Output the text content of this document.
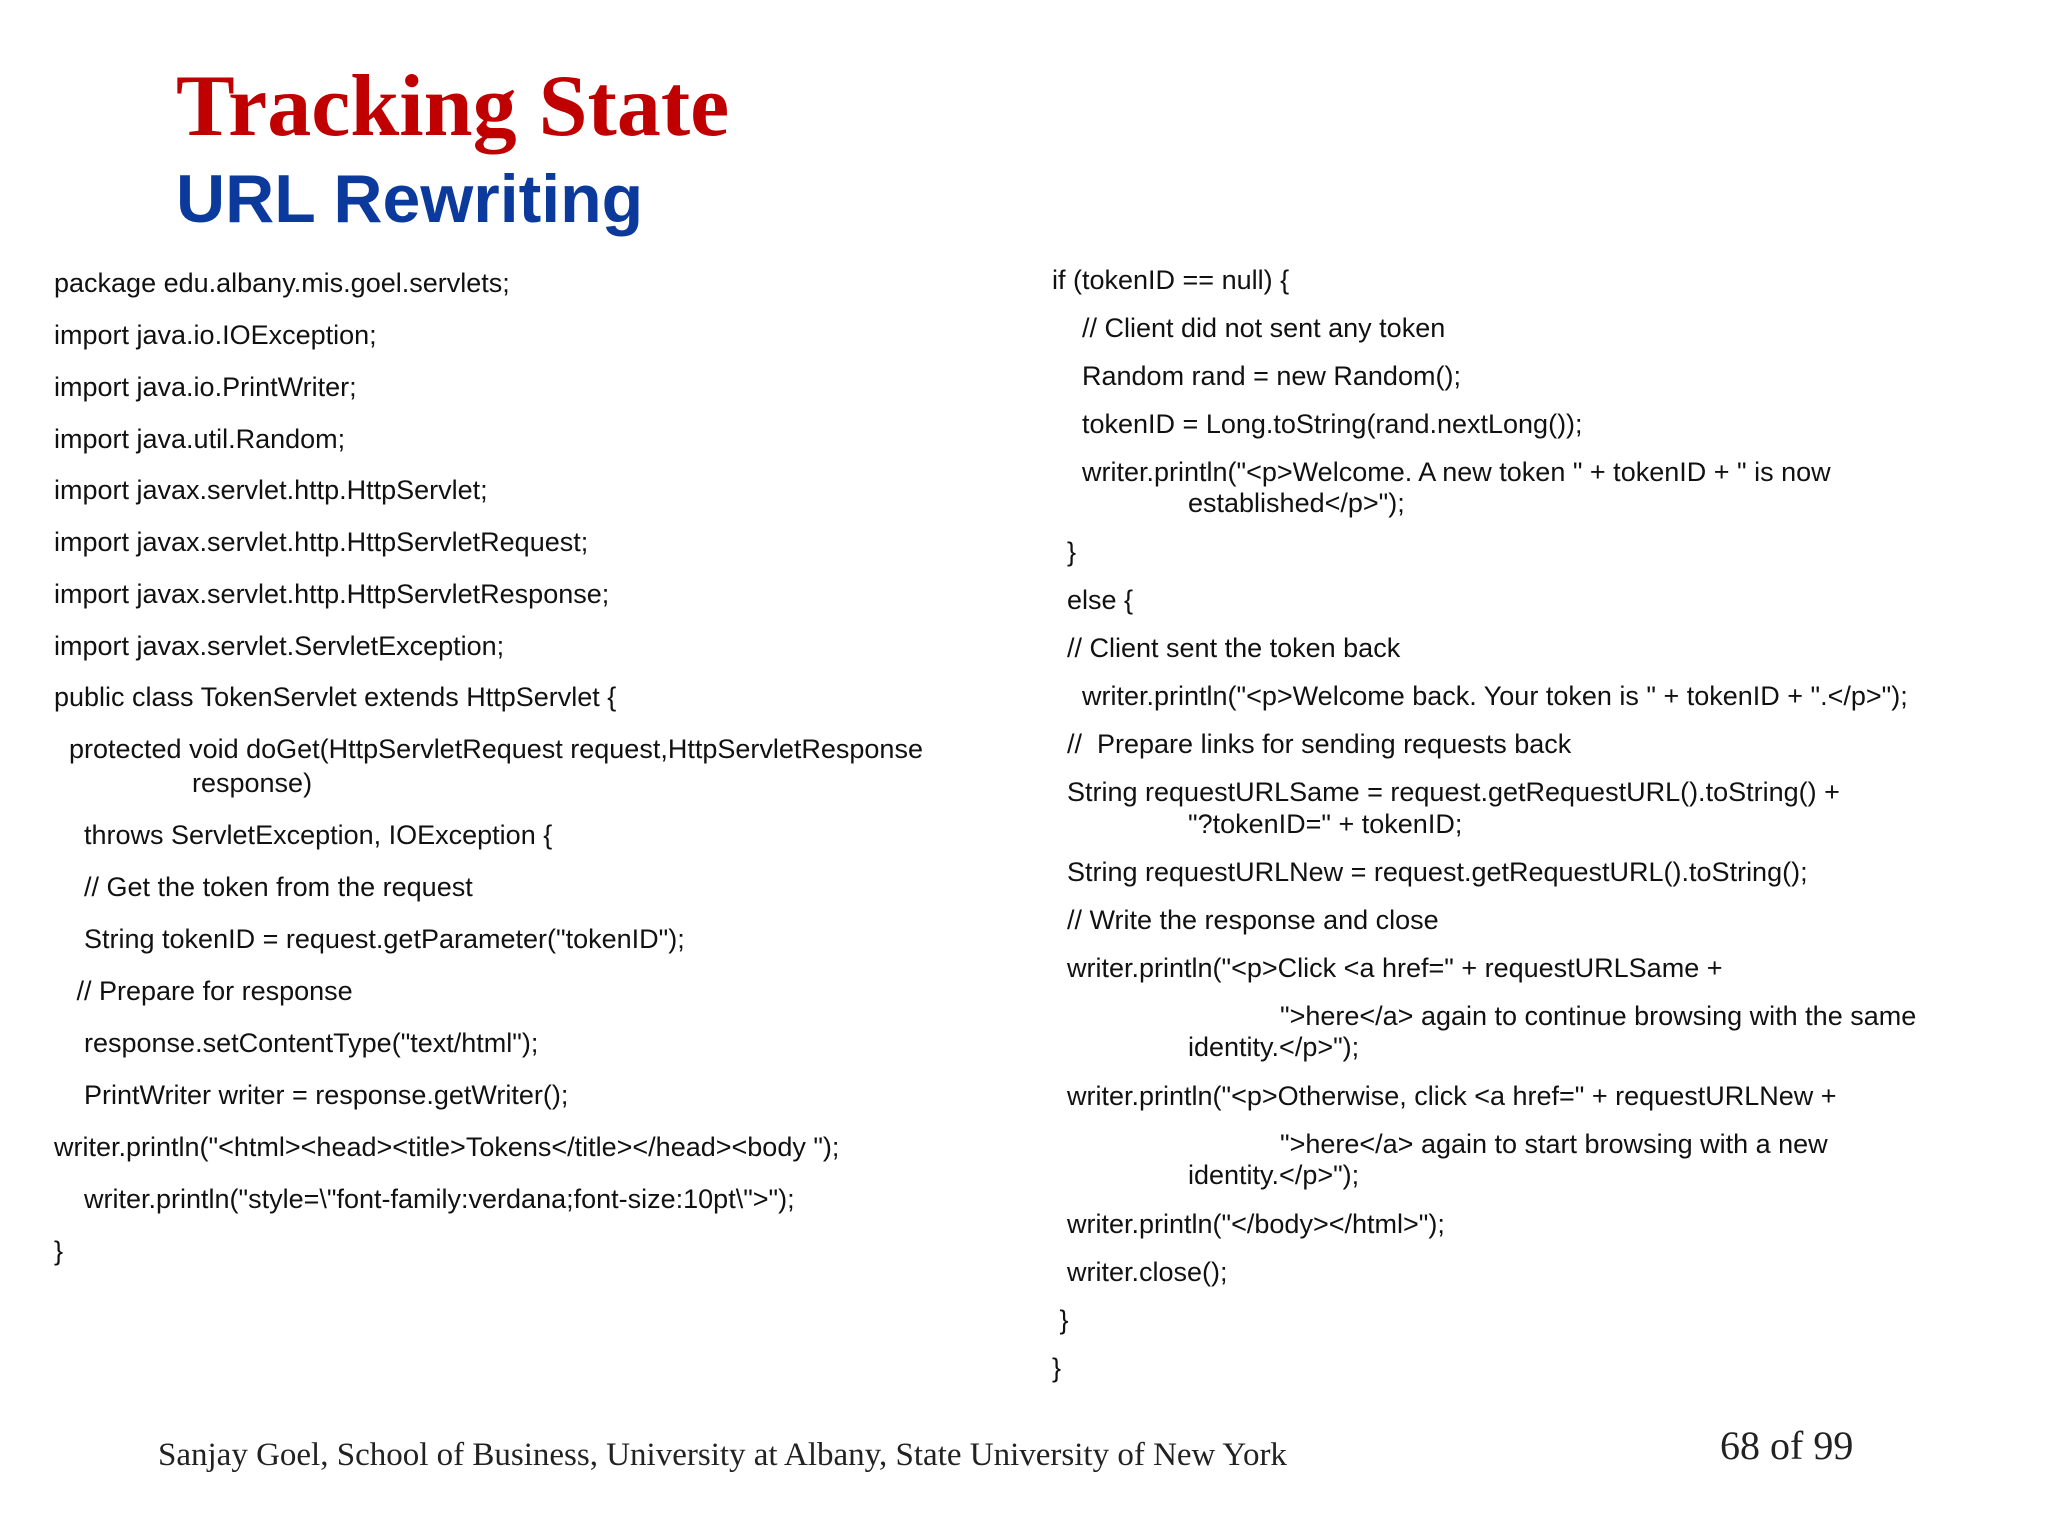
Tracking State
URL Rewriting

package edu.albany.mis.goel.servlets;

import java.io.IOException;

import java.io.PrintWriter;

import java.util.Random;

import javax.servlet.http.HttpServlet;

import javax.servlet.http.HttpServletRequest;

import javax.servlet.http.HttpServletResponse;

import javax.servlet.ServletException;

public class TokenServlet extends HttpServlet {

protected void doGet(HttpServletRequest request,HttpServletResponse

response)

throws ServletException, IOException {

// Get the token from the request

String tokenID = request.getParameter("tokenID");

// Prepare for response

response.setContentType("text/html");

PrintWriter writer = response.getWriter();

writer.println("<html><head><title>Tokens</title></head><body ");

writer.println("style=\"font-family:verdana;font-size:10pt\">");

}

if (tokenID == null) {

// Client did not sent any token

Random rand = new Random();

tokenID = Long.toString(rand.nextLong());

writer.println("<p>Welcome. A new token " + tokenID + " is now

established</p>");

}

else {

// Client sent the token back

writer.println("<p>Welcome back. Your token is " + tokenID + ".</p>");

//  Prepare links for sending requests back

String requestURLSame = request.getRequestURL().toString() +

"?tokenID=" + tokenID;

String requestURLNew = request.getRequestURL().toString();

// Write the response and close

writer.println("<p>Click <a href=" + requestURLSame +

">here</a> again to continue browsing with the same

identity.</p>");

writer.println("<p>Otherwise, click <a href=" + requestURLNew +

">here</a> again to start browsing with a new

identity.</p>");

writer.println("</body></html>");

writer.close();

}

}

Sanjay Goel, School of Business, University at Albany, State University of New York	68 of 99
